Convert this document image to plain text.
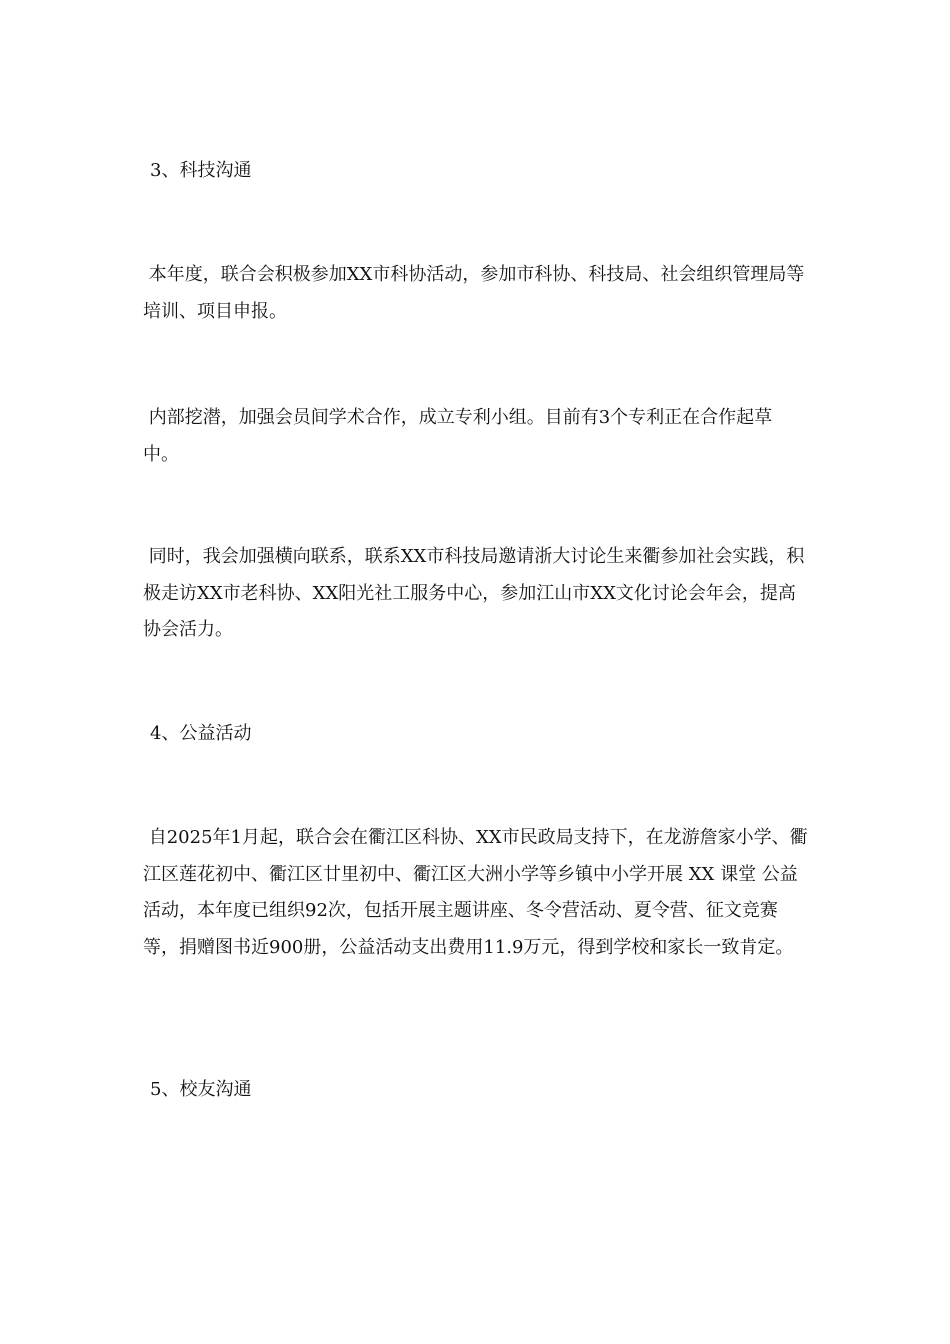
3、科技沟通
本年度，联合会积极参加XX市科协活动，参加市科协、科技局、社会组织管理局等培训、项目申报。
内部挖潜，加强会员间学术合作，成立专利小组。目前有3个专利正在合作起草中。
同时，我会加强横向联系，联系XX市科技局邀请浙大讨论生来衢参加社会实践，积极走访XX市老科协、XX阳光社工服务中心，参加江山市XX文化讨论会年会，提高协会活力。
4、公益活动
自2025年1月起，联合会在衢江区科协、XX市民政局支持下，在龙游詹家小学、衢江区莲花初中、衢江区廿里初中、衢江区大洲小学等乡镇中小学开展 XX 课堂 公益活动，本年度已组织92次，包括开展主题讲座、冬令营活动、夏令营、征文竞赛等，捐赠图书近900册，公益活动支出费用11.9万元，得到学校和家长一致肯定。
5、校友沟通
